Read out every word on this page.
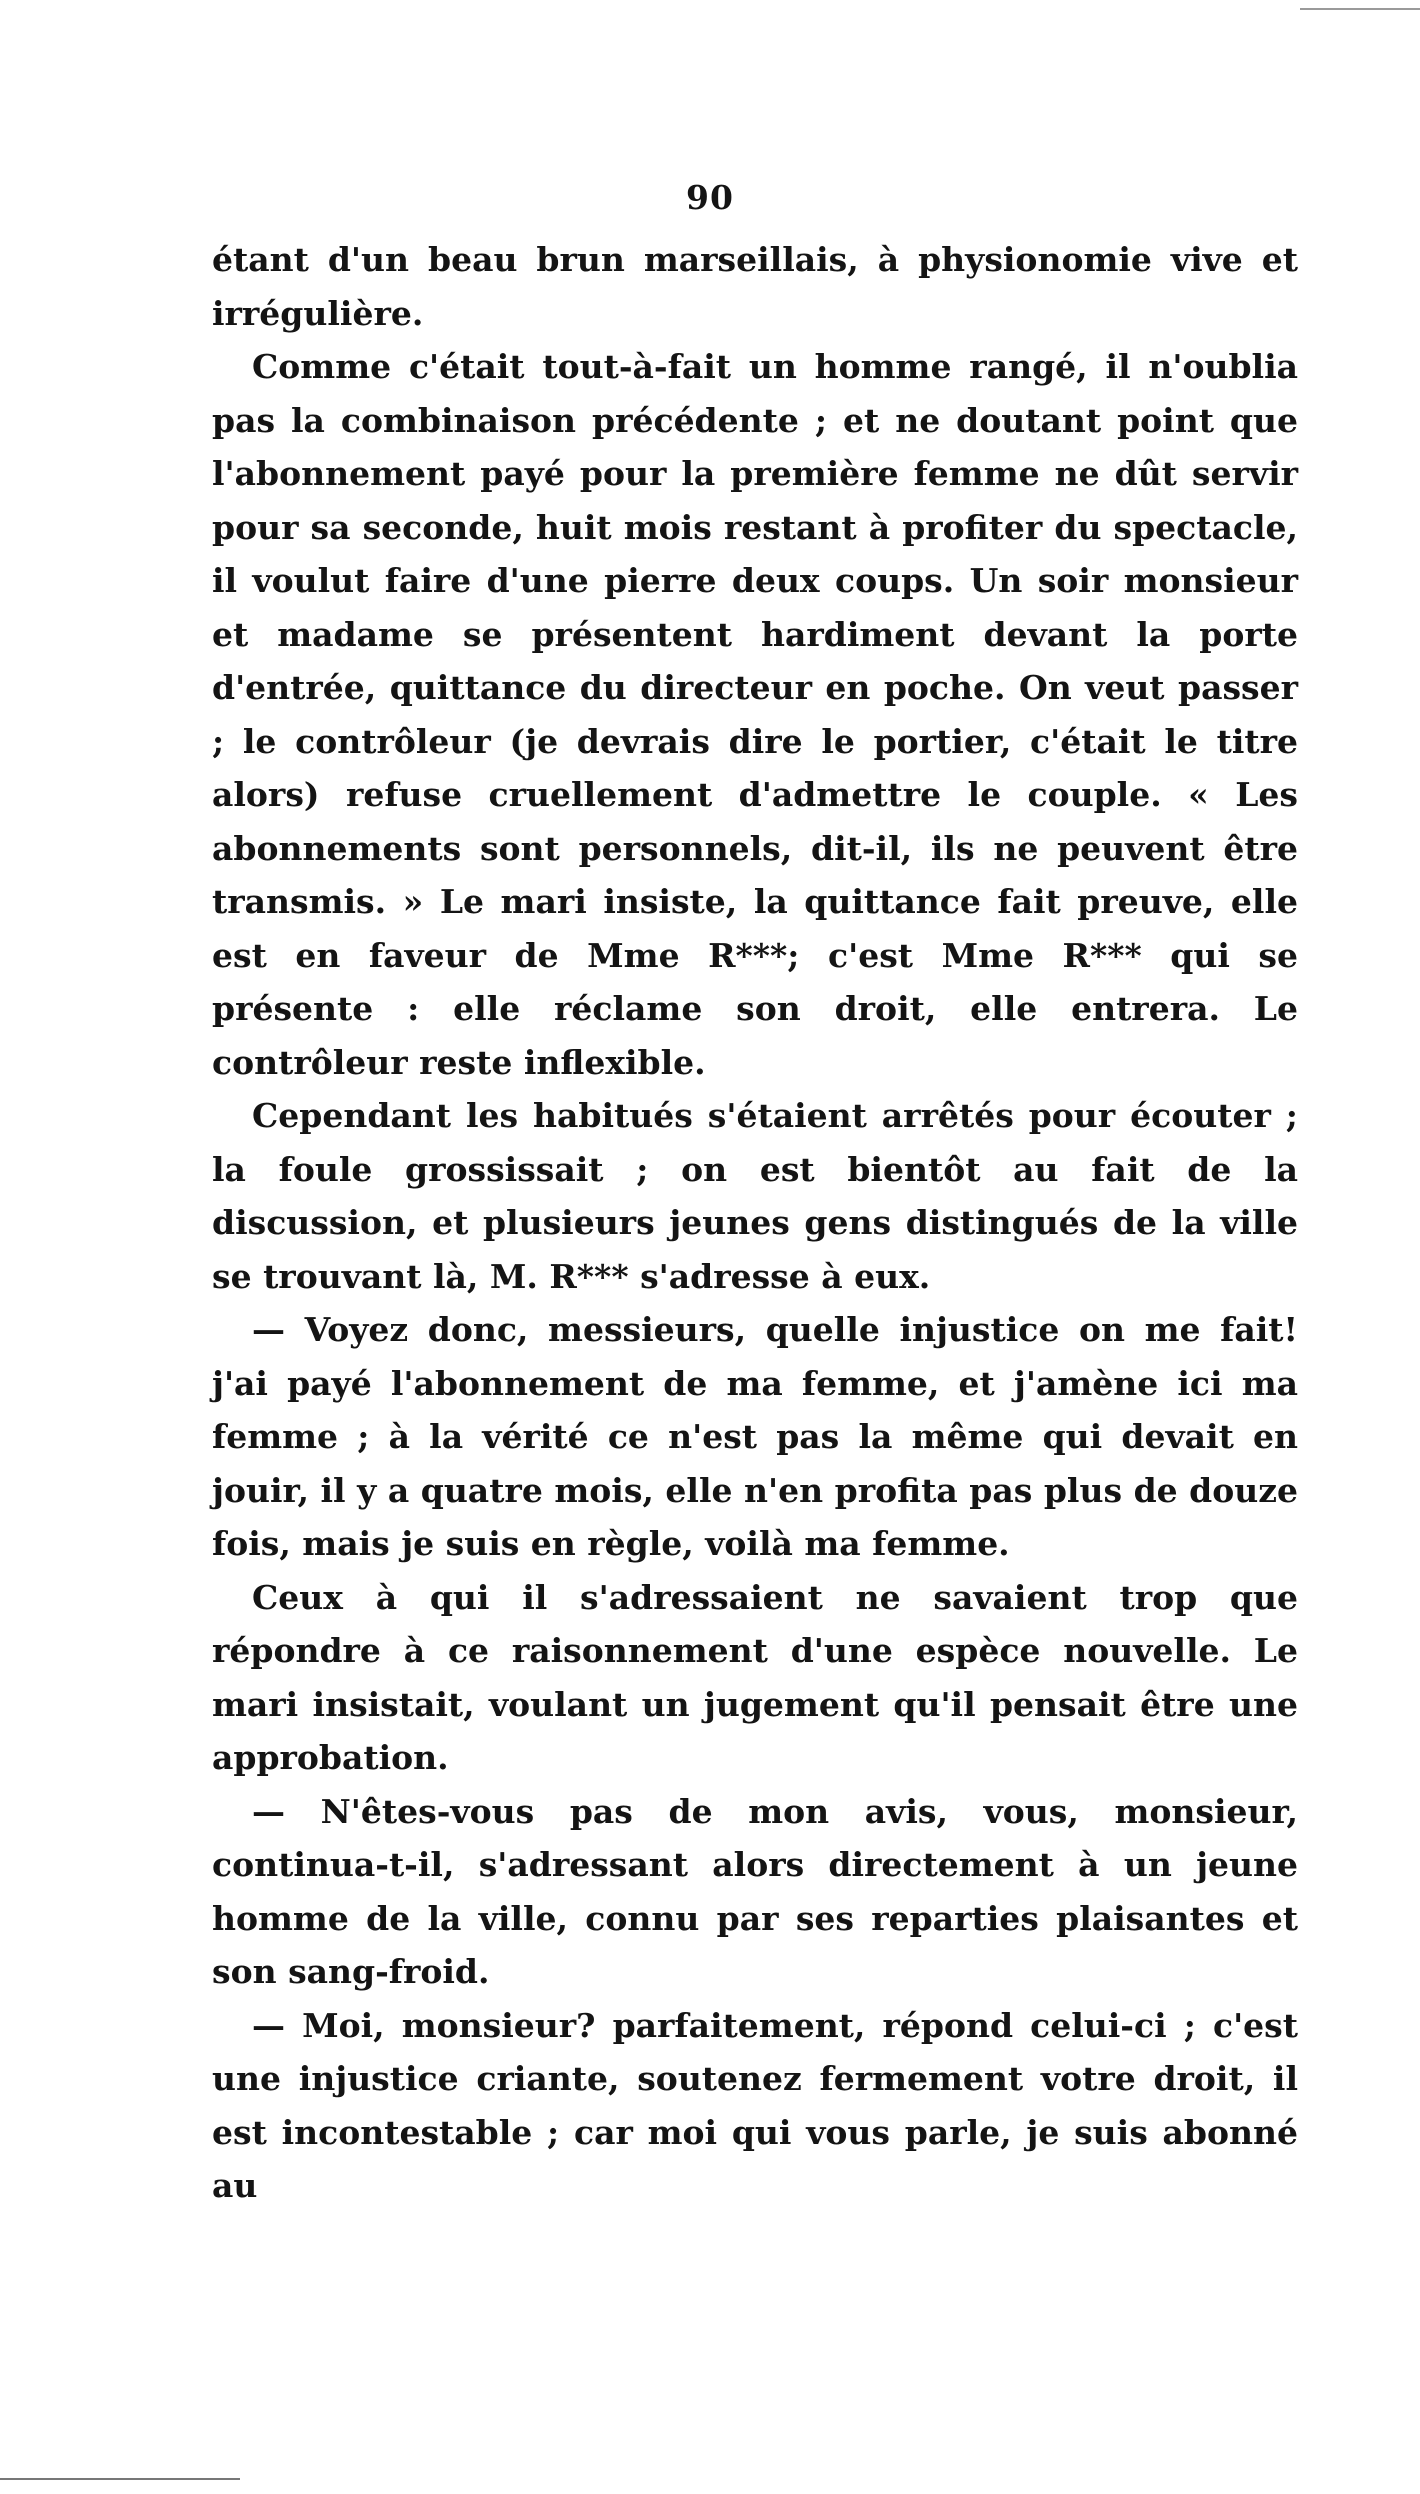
90

étant d'un beau brun marseillais, à physionomie vive et irrégulière.

Comme c'était tout-à-fait un homme rangé, il n'oublia pas la combinaison précédente ; et ne doutant point que l'abonnement payé pour la première femme ne dût servir pour sa seconde, huit mois restant à profiter du spectacle, il voulut faire d'une pierre deux coups. Un soir monsieur et madame se présentent hardiment devant la porte d'entrée, quittance du directeur en poche. On veut passer ; le contrôleur (je devrais dire le portier, c'était le titre alors) refuse cruellement d'admettre le couple. « Les abonnements sont personnels, dit-il, ils ne peuvent être transmis. » Le mari insiste, la quittance fait preuve, elle est en faveur de Mme R***; c'est Mme R*** qui se présente : elle réclame son droit, elle entrera. Le contrôleur reste inflexible.

Cependant les habitués s'étaient arrêtés pour écouter ; la foule grossissait ; on est bientôt au fait de la discussion, et plusieurs jeunes gens distingués de la ville se trouvant là, M. R*** s'adresse à eux.

— Voyez donc, messieurs, quelle injustice on me fait! j'ai payé l'abonnement de ma femme, et j'amène ici ma femme ; à la vérité ce n'est pas la même qui devait en jouir, il y a quatre mois, elle n'en profita pas plus de douze fois, mais je suis en règle, voilà ma femme.

Ceux à qui il s'adressaient ne savaient trop que répondre à ce raisonnement d'une espèce nouvelle. Le mari insistait, voulant un jugement qu'il pensait être une approbation.

— N'êtes-vous pas de mon avis, vous, monsieur, continua-t-il, s'adressant alors directement à un jeune homme de la ville, connu par ses reparties plaisantes et son sang-froid.

— Moi, monsieur? parfaitement, répond celui-ci ; c'est une injustice criante, soutenez fermement votre droit, il est incontestable ; car moi qui vous parle, je suis abonné au
